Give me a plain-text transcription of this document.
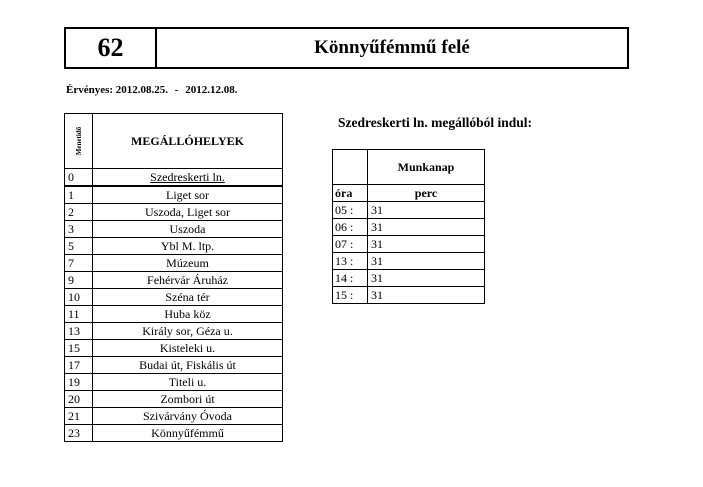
62	Könnyűfémmű felé
Érvényes: 2012.08.25. - 2012.12.08.
Menetidő	MEGÁLLÓHELYEK
0	Szedreskerti ln.
1	Liget sor
2	Uszoda, Liget sor
3	Uszoda
5	Ybl M. ltp.
7	Múzeum
9	Fehérvár Áruház
10	Széna tér
11	Huba köz
13	Király sor, Géza u.
15	Kisteleki u.
17	Budai út, Fiskális út
19	Titeli u.
20	Zombori út
21	Szivárvány Óvoda
23	Könnyűfémmű
Szedreskerti ln. megállóból indul:
	Munkanap
óra	perc
05 :	31
06 :	31
07 :	31
13 :	31
14 :	31
15 :	31
